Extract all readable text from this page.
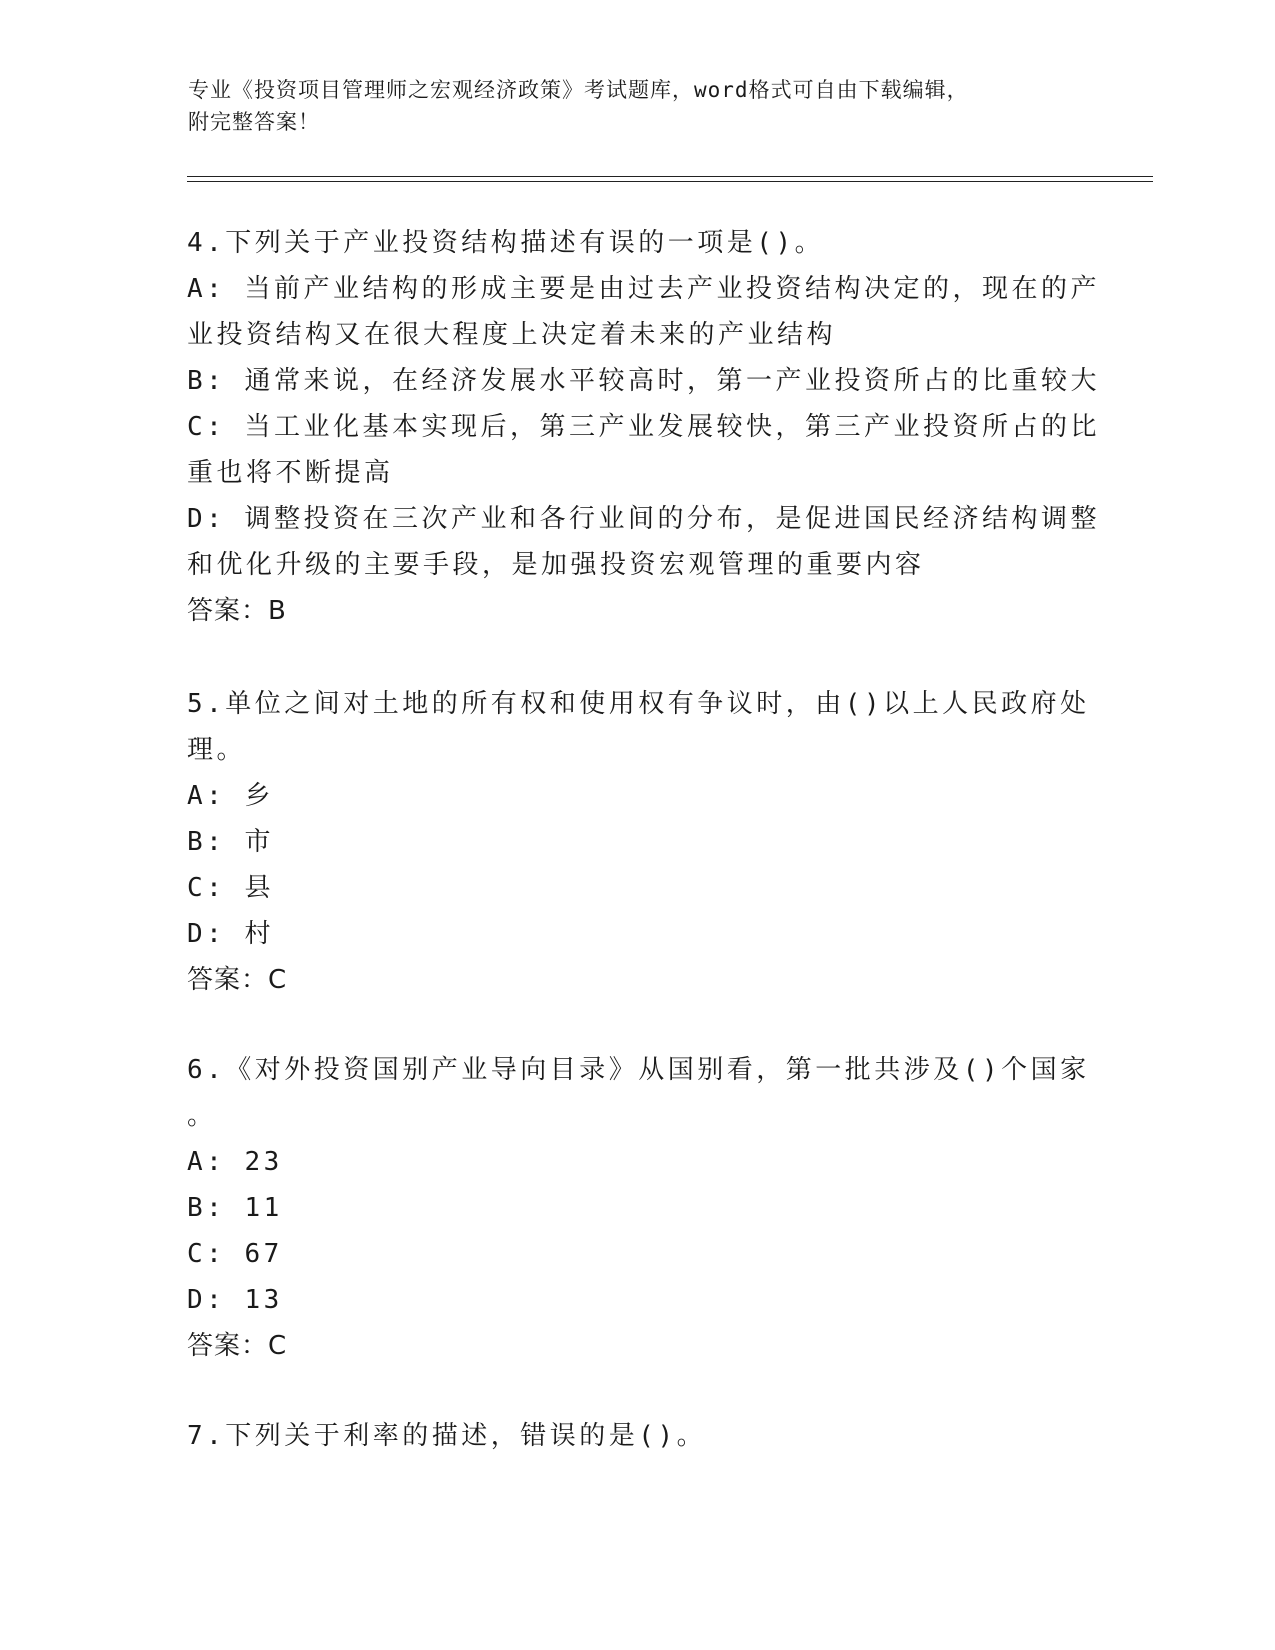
专业《投资项目管理师之宏观经济政策》考试题库，word格式可自由下载编辑，
附完整答案！
4.下列关于产业投资结构描述有误的一项是()。
A: 当前产业结构的形成主要是由过去产业投资结构决定的，现在的产
业投资结构又在很大程度上决定着未来的产业结构
B: 通常来说，在经济发展水平较高时，第一产业投资所占的比重较大
C: 当工业化基本实现后，第三产业发展较快，第三产业投资所占的比
重也将不断提高
D: 调整投资在三次产业和各行业间的分布，是促进国民经济结构调整
和优化升级的主要手段，是加强投资宏观管理的重要内容
答案：B
5.单位之间对土地的所有权和使用权有争议时，由()以上人民政府处
理。
A: 乡
B: 市
C: 县
D: 村
答案：C
6.《对外投资国别产业导向目录》从国别看，第一批共涉及()个国家
。
A: 23
B: 11
C: 67
D: 13
答案：C
7.下列关于利率的描述，错误的是()。
